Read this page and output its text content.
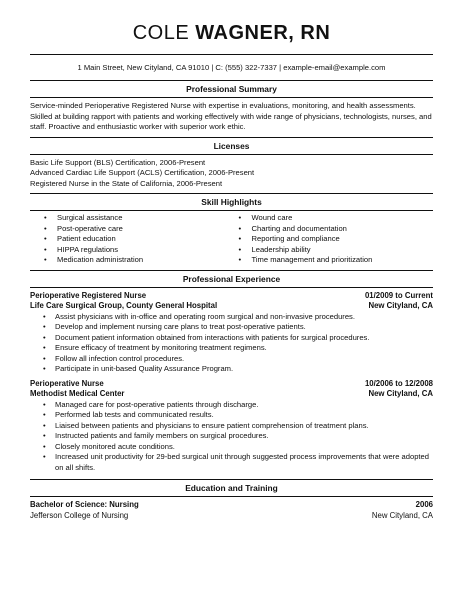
COLE WAGNER, RN
1 Main Street, New Cityland, CA 91010 | C: (555) 322-7337 | example-email@example.com
Professional Summary
Service-minded Perioperative Registered Nurse with expertise in evaluations, monitoring, and health assessments. Skilled at building rapport with patients and working effectively with wide range of physicians, technologists, nurses, and staff. Proactive and enthusiastic worker with superior work ethic.
Licenses
Basic Life Support (BLS) Certification, 2006-Present
Advanced Cardiac Life Support (ACLS) Certification, 2006-Present
Registered Nurse in the State of California, 2006-Present
Skill Highlights
• Surgical assistance
• Post-operative care
• Patient education
• HIPPA regulations
• Medication administration
• Wound care
• Charting and documentation
• Reporting and compliance
• Leadership ability
• Time management and prioritization
Professional Experience
Perioperative Registered Nurse	01/2009 to Current
Life Care Surgical Group, County General Hospital	New Cityland, CA
• Assist physicians with in-office and operating room surgical and non-invasive procedures.
• Develop and implement nursing care plans to treat post-operative patients.
• Document patient information obtained from interactions with patients for surgical procedures.
• Ensure efficacy of treatment by monitoring treatment regimens.
• Follow all infection control procedures.
• Participate in unit-based Quality Assurance Program.
Perioperative Nurse	10/2006 to 12/2008
Methodist Medical Center	New Cityland, CA
• Managed care for post-operative patients through discharge.
• Performed lab tests and communicated results.
• Liaised between patients and physicians to ensure patient comprehension of treatment plans.
• Instructed patients and family members on surgical procedures.
• Closely monitored acute conditions.
• Increased unit productivity for 29-bed surgical unit through suggested process improvements that were adopted on all shifts.
Education and Training
Bachelor of Science: Nursing	2006
Jefferson College of Nursing	New Cityland, CA
